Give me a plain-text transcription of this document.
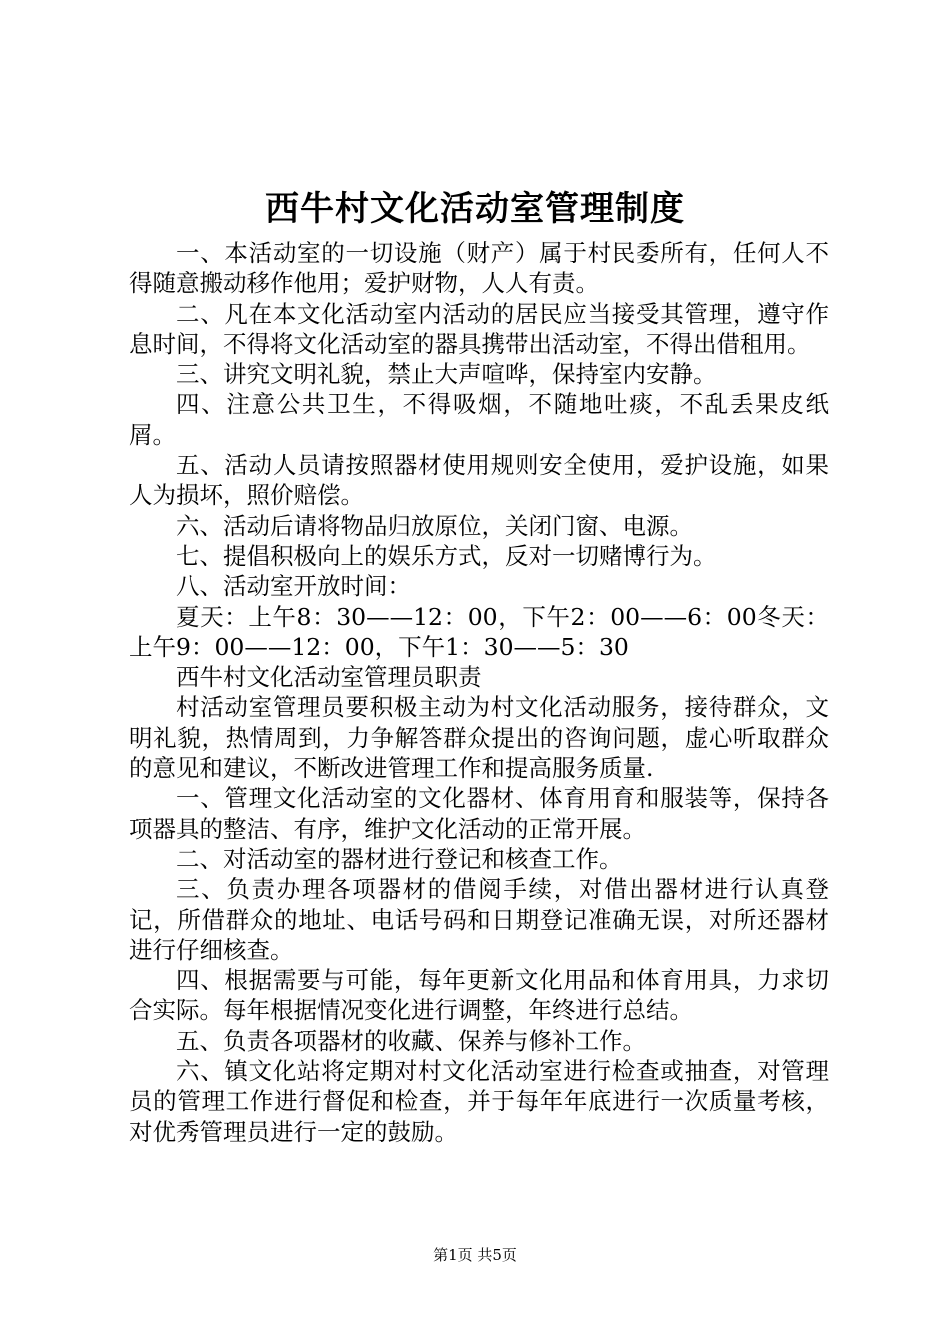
西牛村文化活动室管理制度

一、本活动室的一切设施（财产）属于村民委所有，任何人不得随意搬动移作他用；爱护财物，人人有责。

二、凡在本文化活动室内活动的居民应当接受其管理，遵守作息时间，不得将文化活动室的器具携带出活动室，不得出借租用。

三、讲究文明礼貌，禁止大声喧哗，保持室内安静。

四、注意公共卫生，不得吸烟，不随地吐痰，不乱丢果皮纸屑。

五、活动人员请按照器材使用规则安全使用，爱护设施，如果人为损坏，照价赔偿。

六、活动后请将物品归放原位，关闭门窗、电源。

七、提倡积极向上的娱乐方式，反对一切赌博行为。

八、活动室开放时间：

夏天：上午8：30——12：00，下午2：00——6：00冬天：上午9：00——12：00，下午1：30——5：30

西牛村文化活动室管理员职责

村活动室管理员要积极主动为村文化活动服务，接待群众，文明礼貌，热情周到，力争解答群众提出的咨询问题，虚心听取群众的意见和建议，不断改进管理工作和提高服务质量.

一、管理文化活动室的文化器材、体育用育和服装等，保持各项器具的整洁、有序，维护文化活动的正常开展。

二、对活动室的器材进行登记和核查工作。

三、负责办理各项器材的借阅手续，对借出器材进行认真登记，所借群众的地址、电话号码和日期登记准确无误，对所还器材进行仔细核查。

四、根据需要与可能，每年更新文化用品和体育用具，力求切合实际。每年根据情况变化进行调整，年终进行总结。

五、负责各项器材的收藏、保养与修补工作。

六、镇文化站将定期对村文化活动室进行检查或抽查，对管理员的管理工作进行督促和检查，并于每年年底进行一次质量考核，对优秀管理员进行一定的鼓励。

第1页 共5页
